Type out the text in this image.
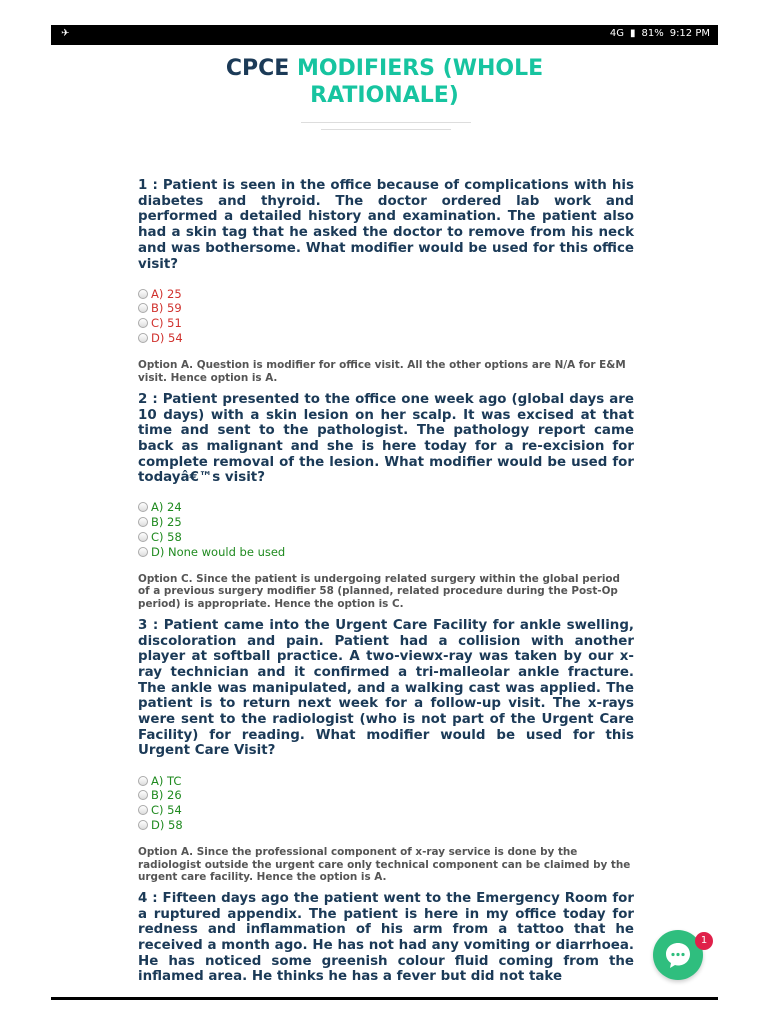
✈	4G ▮ 81% 9:12 PM
CPCE MODIFIERS (WHOLE
RATIONALE)

1 : Patient is seen in the office because of complications with his diabetes and thyroid. The doctor ordered lab work and performed a detailed history and examination. The patient also had a skin tag that he asked the doctor to remove from his neck and was bothersome. What modifier would be used for this office visit?

A) 25
B) 59
C) 51
D) 54
Option A. Question is modifier for office visit. All the other options are N/A for E&M visit. Hence option is A.

2 : Patient presented to the office one week ago (global days are 10 days) with a skin lesion on her scalp. It was excised at that time and sent to the pathologist. The pathology report came back as malignant and she is here today for a re-excision for complete removal of the lesion. What modifier would be used for todayâ€™s visit?

A) 24
B) 25
C) 58
D) None would be used
Option C. Since the patient is undergoing related surgery within the global period of a previous surgery modifier 58 (planned, related procedure during the Post-Op period) is appropriate. Hence the option is C.

3 : Patient came into the Urgent Care Facility for ankle swelling, discoloration and pain. Patient had a collision with another player at softball practice. A two-viewx-ray was taken by our x-ray technician and it confirmed a tri-malleolar ankle fracture. The ankle was manipulated, and a walking cast was applied. The patient is to return next week for a follow-up visit. The x-rays were sent to the radiologist (who is not part of the Urgent Care Facility) for reading. What modifier would be used for this Urgent Care Visit?

A) TC
B) 26
C) 54
D) 58
Option A. Since the professional component of x-ray service is done by the radiologist outside the urgent care only technical component can be claimed by the urgent care facility. Hence the option is A.

4 : Fifteen days ago the patient went to the Emergency Room for a ruptured appendix. The patient is here in my office today for redness and inflammation of his arm from a tattoo that he received a month ago. He has not had any vomiting or diarrhoea. He has noticed some greenish colour fluid coming from the inflamed area. He thinks he has a fever but did not take

1
